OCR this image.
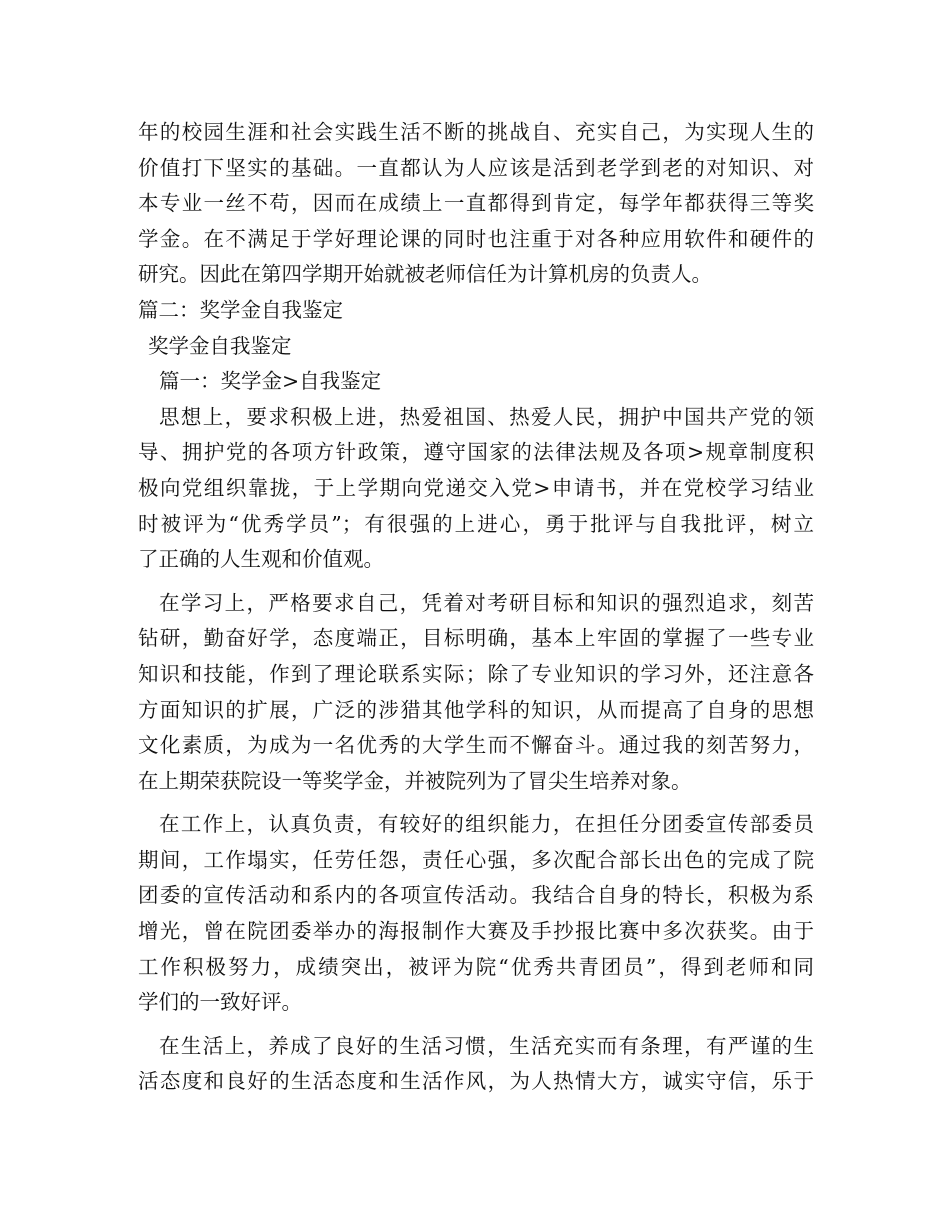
年的校园生涯和社会实践生活不断的挑战自、充实自己，为实现人生的
价值打下坚实的基础。一直都认为人应该是活到老学到老的对知识、对
本专业一丝不苟，因而在成绩上一直都得到肯定，每学年都获得三等奖
学金。在不满足于学好理论课的同时也注重于对各种应用软件和硬件的
研究。因此在第四学期开始就被老师信任为计算机房的负责人。
篇二：奖学金自我鉴定
奖学金自我鉴定
篇一：奖学金>自我鉴定
思想上，要求积极上进，热爱祖国、热爱人民，拥护中国共产党的领
导、拥护党的各项方针政策，遵守国家的法律法规及各项>规章制度积
极向党组织靠拢，于上学期向党递交入党>申请书，并在党校学习结业
时被评为“优秀学员”；有很强的上进心，勇于批评与自我批评，树立
了正确的人生观和价值观。
在学习上，严格要求自己，凭着对考研目标和知识的强烈追求，刻苦
钻研，勤奋好学，态度端正，目标明确，基本上牢固的掌握了一些专业
知识和技能，作到了理论联系实际；除了专业知识的学习外，还注意各
方面知识的扩展，广泛的涉猎其他学科的知识，从而提高了自身的思想
文化素质，为成为一名优秀的大学生而不懈奋斗。通过我的刻苦努力，
在上期荣获院设一等奖学金，并被院列为了冒尖生培养对象。
在工作上，认真负责，有较好的组织能力，在担任分团委宣传部委员
期间，工作塌实，任劳任怨，责任心强，多次配合部长出色的完成了院
团委的宣传活动和系内的各项宣传活动。我结合自身的特长，积极为系
增光，曾在院团委举办的海报制作大赛及手抄报比赛中多次获奖。由于
工作积极努力，成绩突出，被评为院“优秀共青团员”，得到老师和同
学们的一致好评。
在生活上，养成了良好的生活习惯，生活充实而有条理，有严谨的生
活态度和良好的生活态度和生活作风，为人热情大方，诚实守信，乐于
